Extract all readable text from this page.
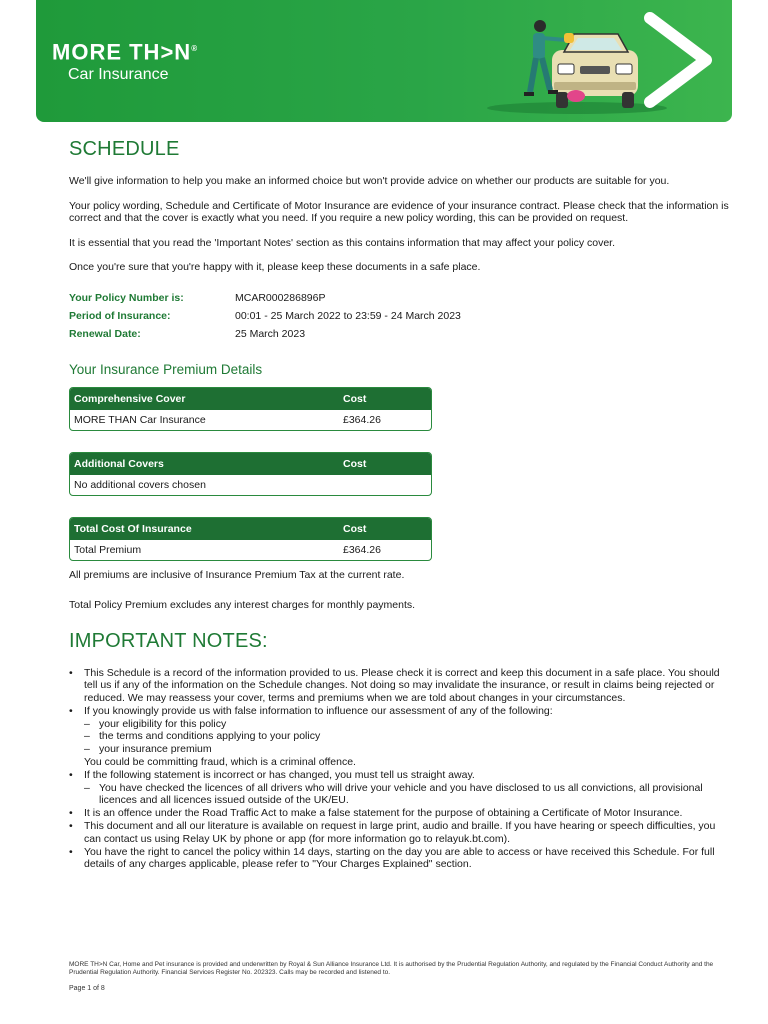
MORE TH>N®
Car Insurance
SCHEDULE

We'll give information to help you make an informed choice but won't provide advice on whether our products are suitable for you.

Your policy wording, Schedule and Certificate of Motor Insurance are evidence of your insurance contract. Please check that the information is correct and that the cover is exactly what you need. If you require a new policy wording, this can be provided on request.

It is essential that you read the 'Important Notes' section as this contains information that may affect your policy cover.

Once you're sure that you're happy with it, please keep these documents in a safe place.

Your Policy Number is:	MCAR000286896P
Period of Insurance:	00:01 - 25 March 2022 to 23:59 - 24 March 2023
Renewal Date:	25 March 2023
Your Insurance Premium Details
Comprehensive Cover	Cost
MORE THAN Car Insurance	£364.26
Additional Covers	Cost
No additional covers chosen
Total Cost Of Insurance	Cost
Total Premium	£364.26

All premiums are inclusive of Insurance Premium Tax at the current rate.

Total Policy Premium excludes any interest charges for monthly payments.

IMPORTANT NOTES:
• This Schedule is a record of the information provided to us. Please check it is correct and keep this document in a safe place. You should tell us if any of the information on the Schedule changes. Not doing so may invalidate the insurance, or result in claims being rejected or reduced. We may reassess your cover, terms and premiums when we are told about changes in your circumstances.
• If you knowingly provide us with false information to influence our assessment of any of the following:
– your eligibility for this policy
– the terms and conditions applying to your policy
– your insurance premium
You could be committing fraud, which is a criminal offence.
• If the following statement is incorrect or has changed, you must tell us straight away.
– You have checked the licences of all drivers who will drive your vehicle and you have disclosed to us all convictions, all provisional licences and all licences issued outside of the UK/EU.
• It is an offence under the Road Traffic Act to make a false statement for the purpose of obtaining a Certificate of Motor Insurance.
• This document and all our literature is available on request in large print, audio and braille. If you have hearing or speech difficulties, you can contact us using Relay UK by phone or app (for more information go to relayuk.bt.com).
• You have the right to cancel the policy within 14 days, starting on the day you are able to access or have received this Schedule. For full details of any charges applicable, please refer to "Your Charges Explained" section.
MORE TH>N Car, Home and Pet insurance is provided and underwritten by Royal & Sun Alliance Insurance Ltd. It is authorised by the Prudential Regulation Authority, and regulated by the Financial Conduct Authority and the Prudential Regulation Authority. Financial Services Register No. 202323. Calls may be recorded and listened to.
Page 1 of 8
